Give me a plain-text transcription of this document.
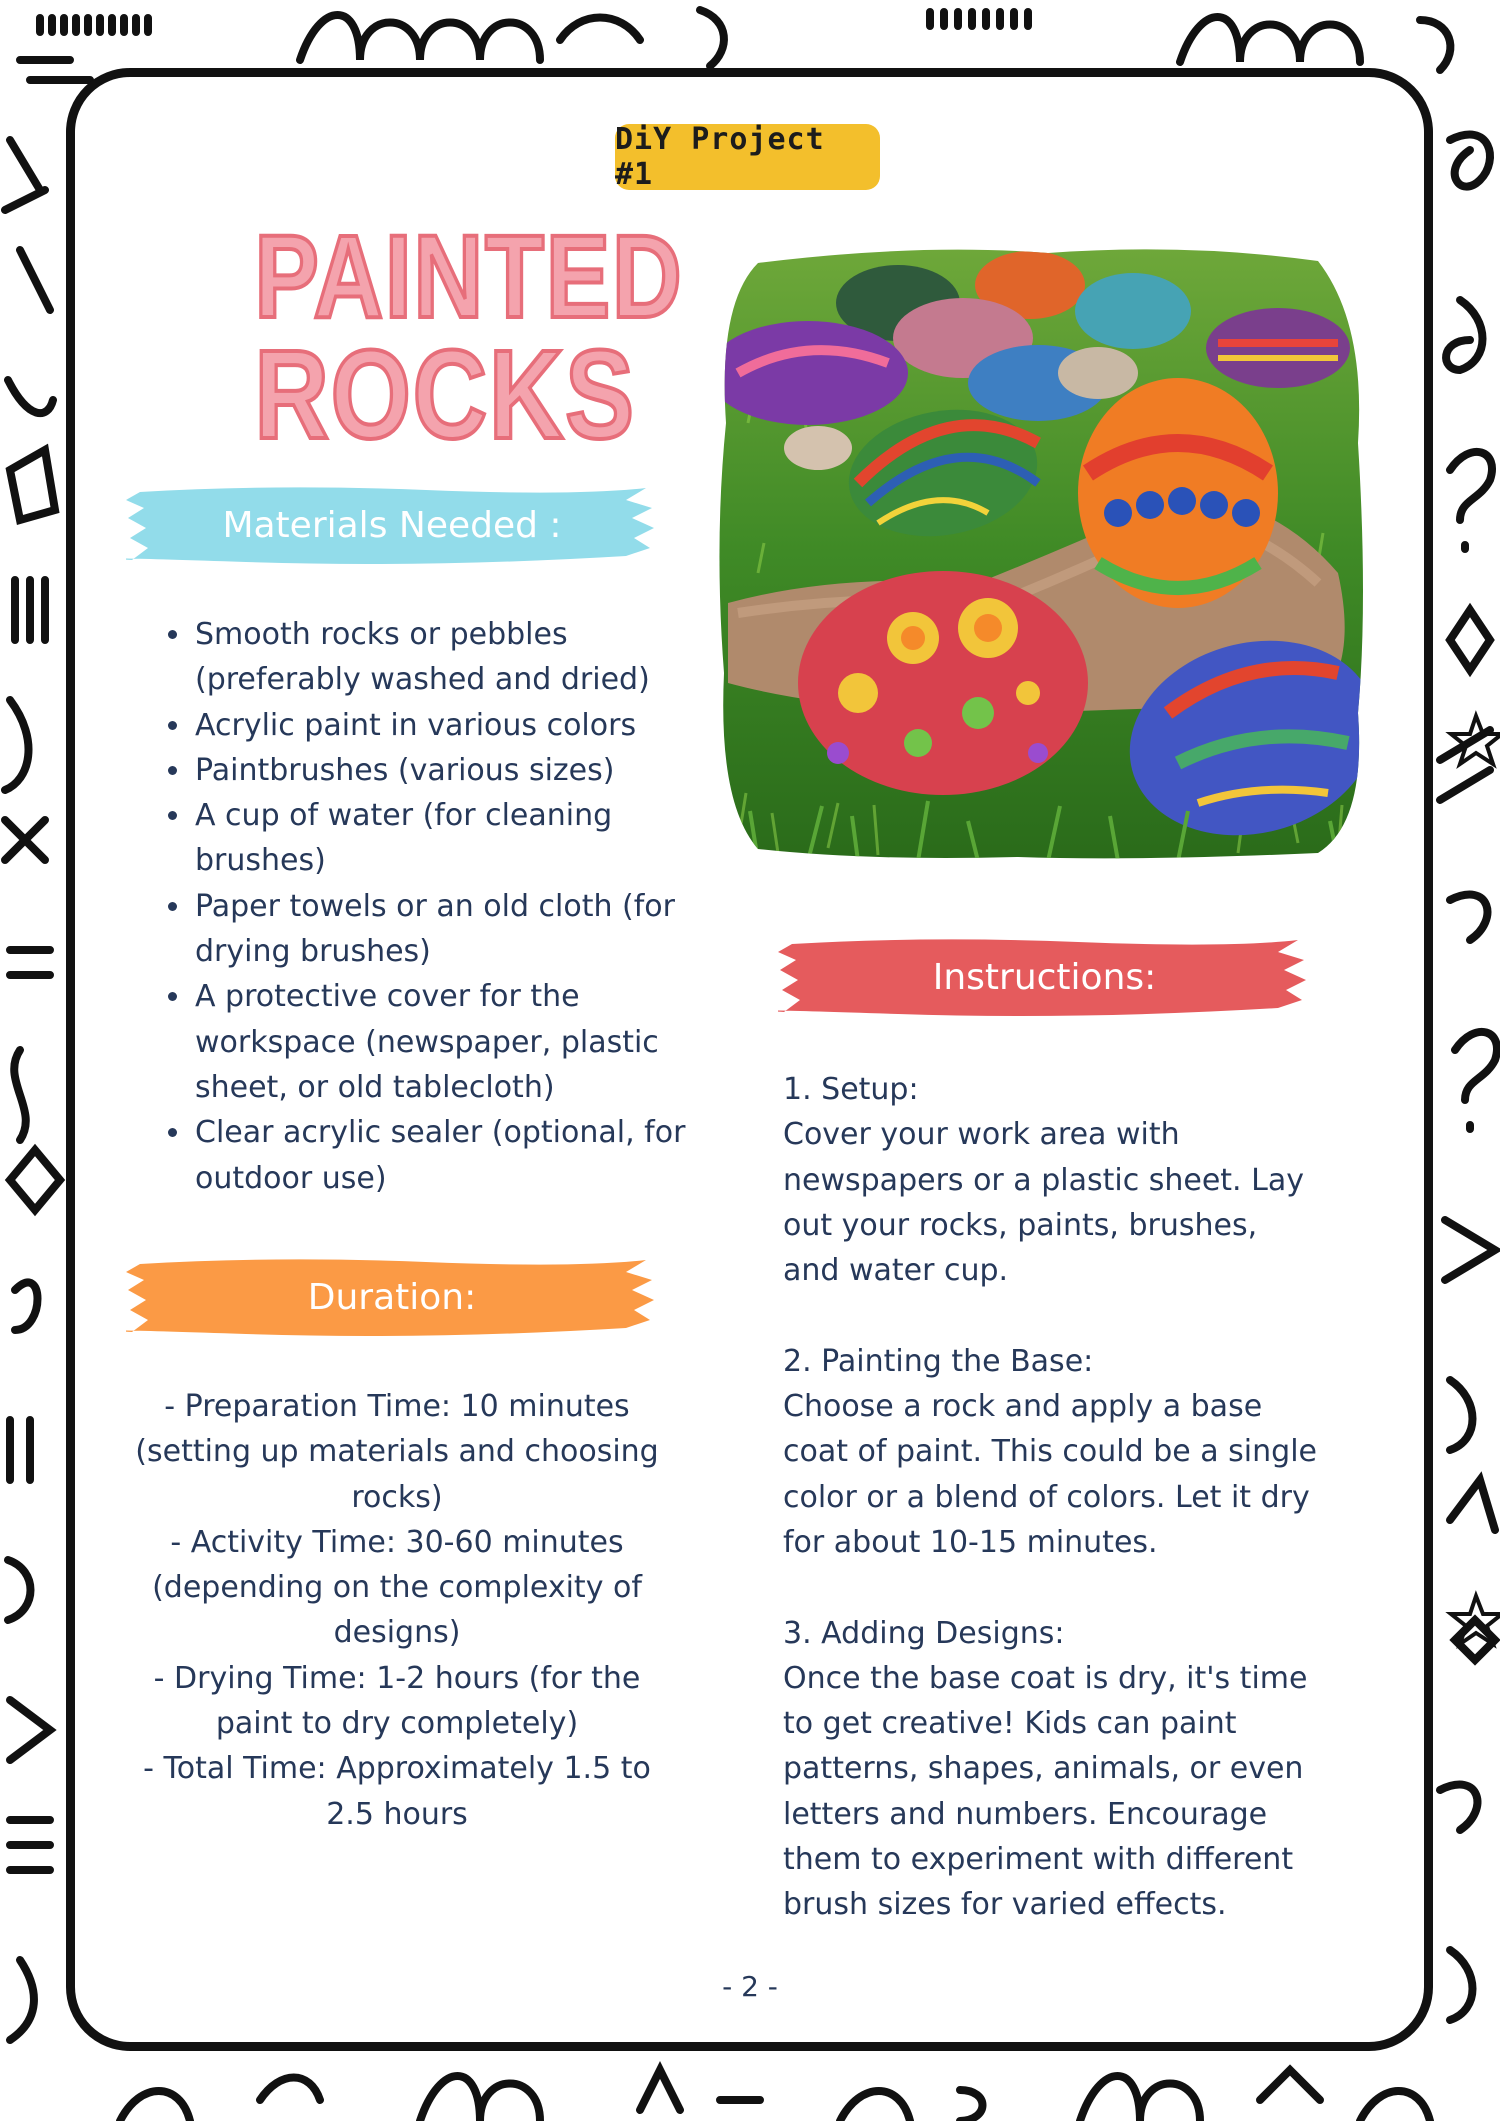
DiY Project #1
PAINTED
ROCKS
Materials Needed :
• Smooth rocks or pebbles (preferably washed and dried)
• Acrylic paint in various colors
• Paintbrushes (various sizes)
• A cup of water (for cleaning brushes)
• Paper towels or an old cloth (for drying brushes)
• A protective cover for the workspace (newspaper, plastic sheet, or old tablecloth)
• Clear acrylic sealer (optional, for outdoor use)
Duration:
- Preparation Time: 10 minutes (setting up materials and choosing rocks)
- Activity Time: 30-60 minutes (depending on the complexity of designs)
- Drying Time: 1-2 hours (for the paint to dry completely)
- Total Time: Approximately 1.5 to 2.5 hours
Instructions:
1. Setup:
Cover your work area with newspapers or a plastic sheet. Lay out your rocks, paints, brushes, and water cup.
2. Painting the Base:
Choose a rock and apply a base coat of paint. This could be a single color or a blend of colors. Let it dry for about 10-15 minutes.
3. Adding Designs:
Once the base coat is dry, it's time to get creative! Kids can paint patterns, shapes, animals, or even letters and numbers. Encourage them to experiment with different brush sizes for varied effects.
- 2 -
